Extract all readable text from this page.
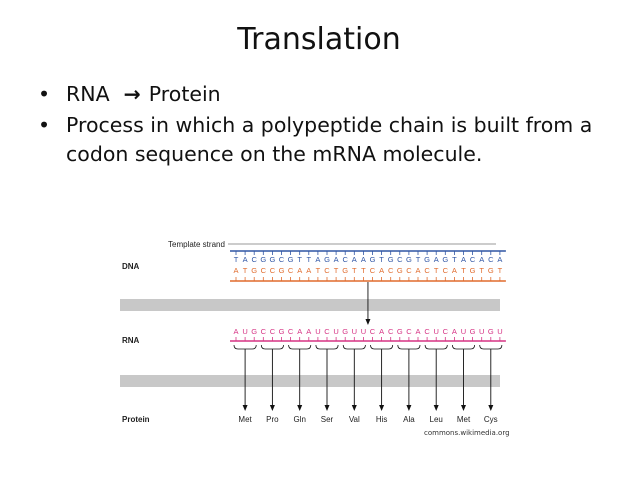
Translation
• RNA → Protein
• Process in which a polypeptide chain is built from a codon sequence on the mRNA molecule.
Template strand
DNA
RNA
Protein
T
A
A
T
C
G
G
C
G
C
C
G
G
C
T
A
T
A
A
T
G
C
A
T
C
G
A
T
A
T
G
C
T
A
G
C
C
G
G
C
T
A
G
C
A
T
G
C
T
A
A
T
C
G
A
T
C
G
A
T
A U G C C G C A A U C U G U U C A C G C A C U C A U G U G U
Met Pro Gln Ser Val His Ala Leu Met Cys
commons.wikimedia.org
